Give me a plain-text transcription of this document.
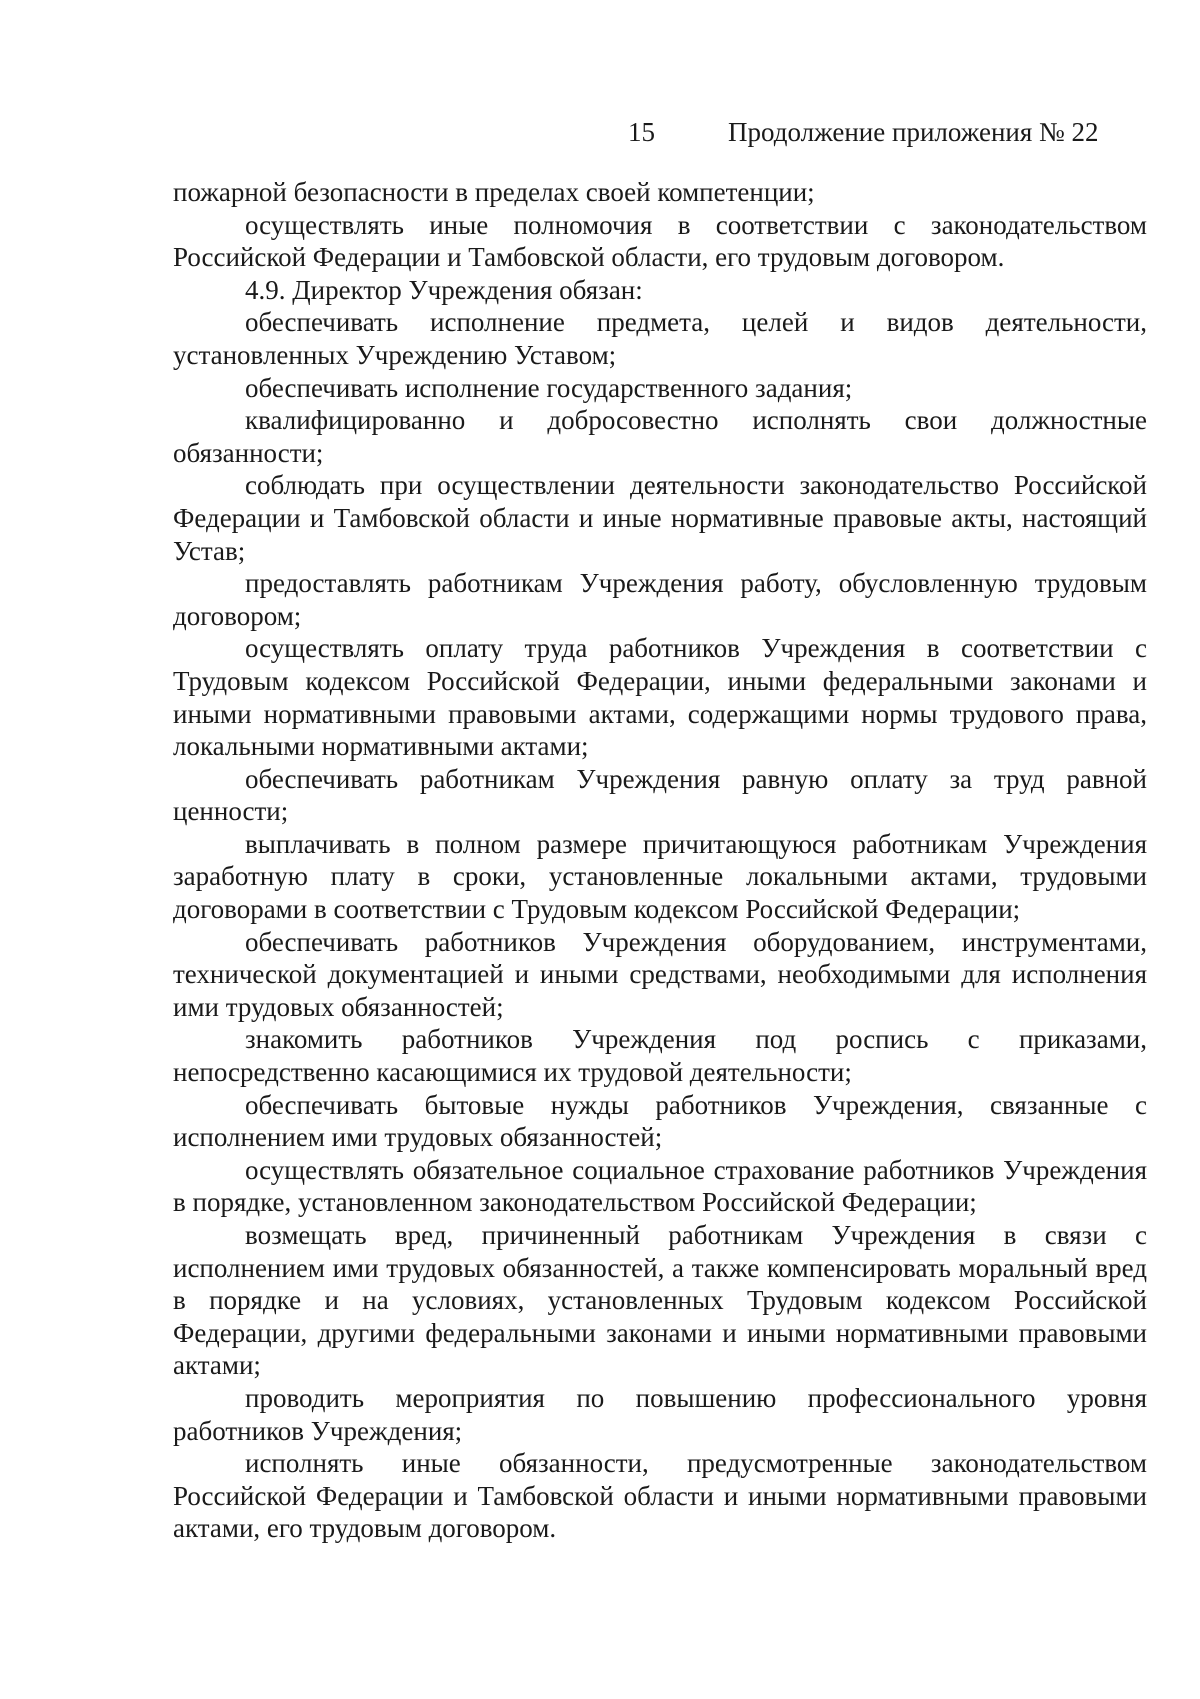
15	Продолжение приложения № 22

пожарной безопасности в пределах своей компетенции;

осуществлять иные полномочия в соответствии с законодательством Российской Федерации и Тамбовской области, его трудовым договором.

4.9. Директор Учреждения обязан:

обеспечивать исполнение предмета, целей и видов деятельности, установленных Учреждению Уставом;

обеспечивать исполнение государственного задания;

квалифицированно и добросовестно исполнять свои должностные обязанности;

соблюдать при осуществлении деятельности законодательство Российской Федерации и Тамбовской области и иные нормативные правовые акты, настоящий Устав;

предоставлять работникам Учреждения работу, обусловленную трудовым договором;

осуществлять оплату труда работников Учреждения в соответствии с Трудовым кодексом Российской Федерации, иными федеральными законами и иными нормативными правовыми актами, содержащими нормы трудового права, локальными нормативными актами;

обеспечивать работникам Учреждения равную оплату за труд равной ценности;

выплачивать в полном размере причитающуюся работникам Учреждения заработную плату в сроки, установленные локальными актами, трудовыми договорами в соответствии с Трудовым кодексом Российской Федерации;

обеспечивать работников Учреждения оборудованием, инструментами, технической документацией и иными средствами, необходимыми для исполнения ими трудовых обязанностей;

знакомить работников Учреждения под роспись с приказами, непосредственно касающимися их трудовой деятельности;

обеспечивать бытовые нужды работников Учреждения, связанные с исполнением ими трудовых обязанностей;

осуществлять обязательное социальное страхование работников Учреждения в порядке, установленном законодательством Российской Федерации;

возмещать вред, причиненный работникам Учреждения в связи с исполнением ими трудовых обязанностей, а также компенсировать моральный вред в порядке и на условиях, установленных Трудовым кодексом Российской Федерации, другими федеральными законами и иными нормативными правовыми актами;

проводить мероприятия по повышению профессионального уровня работников Учреждения;

исполнять иные обязанности, предусмотренные законодательством Российской Федерации и Тамбовской области и иными нормативными правовыми актами, его трудовым договором.
